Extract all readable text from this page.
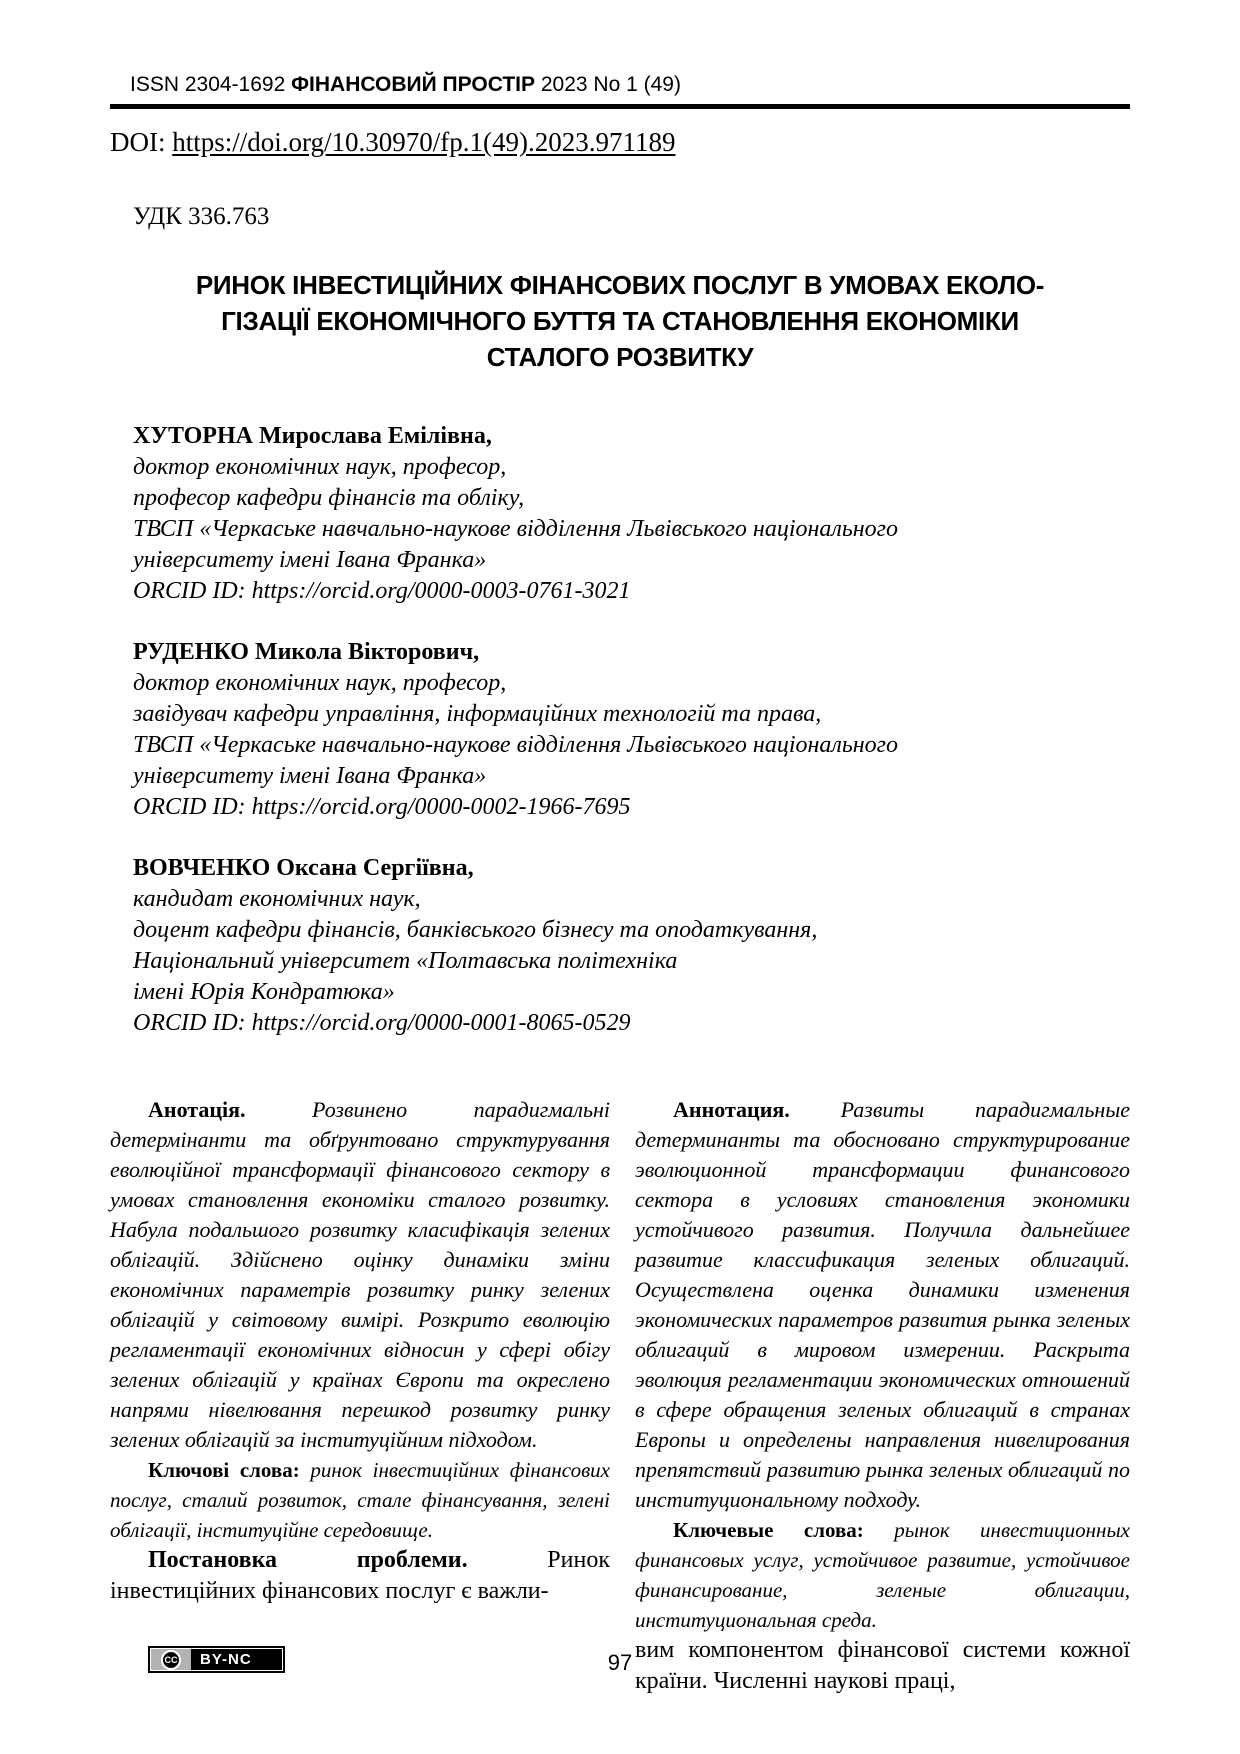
ISSN 2304-1692 ФІНАНСОВИЙ ПРОСТІР 2023 No 1 (49)

DOI: https://doi.org/10.30970/fp.1(49).2023.971189

УДК 336.763

РИНОК ІНВЕСТИЦІЙНИХ ФІНАНСОВИХ ПОСЛУГ В УМОВАХ ЕКОЛО-
ГІЗАЦІЇ ЕКОНОМІЧНОГО БУТТЯ ТА СТАНОВЛЕННЯ ЕКОНОМІКИ
СТАЛОГО РОЗВИТКУ

ХУТОРНА Мирослава Емілівна,

доктор економічних наук, професор,

професор кафедри фінансів та обліку,

ТВСП «Черкаське навчально-наукове відділення Львівського національного

університету імені Івана Франка»

ORCID ID: https://orcid.org/0000-0003-0761-3021

РУДЕНКО Микола Вікторович,

доктор економічних наук, професор,

завідувач кафедри управління, інформаційних технологій та права,

ТВСП «Черкаське навчально-наукове відділення Львівського національного

університету імені Івана Франка»

ORCID ID: https://orcid.org/0000-0002-1966-7695

ВОВЧЕНКО Оксана Сергіївна,

кандидат економічних наук,

доцент кафедри фінансів, банківського бізнесу та оподаткування,

Національний університет «Полтавська політехніка

імені Юрія Кондратюка»

ORCID ID: https://orcid.org/0000-0001-8065-0529

Анотація.	Розвинено парадигмальні детермінанти та обґрунтовано структурування еволюційної трансформації фінансового сектору в умовах становлення економіки сталого розвитку. Набула подальшого розвитку класифікація зелених облігацій. Здійснено оцінку динаміки зміни економічних параметрів розвитку ринку зелених облігацій у світовому вимірі. Розкрито еволюцію регламентації економічних відносин у сфері обігу зелених облігацій у країнах Європи та окреслено напрями нівелювання перешкод розвитку ринку зелених облігацій за інституційним підходом.

Ключові слова: ринок інвестиційних фінансових послуг, сталий розвиток, стале фінансування, зелені облігації, інституційне середовище.

Постановка проблеми.	Ринок інвестиційних фінансових послуг є важли-

Аннотация. Развиты парадигмальные детерминанты та обосновано структурирование эволюционной трансформации финансового сектора в условиях становления экономики устойчивого развития. Получила дальнейшее развитие классификация зеленых облигаций. Осуществлена оценка динамики изменения экономических параметров развития рынка зеленых облигаций в мировом измерении. Раскрыта эволюция регламентации экономических отношений в сфере обращения зеленых облигаций в странах Европы и определены направления нивелирования препятствий развитию рынка зеленых облигаций по институциональному подходу.

Ключевые слова: рынок инвестиционных финансовых услуг, устойчивое развитие, устойчивое финансирование, зеленые облигации, институциональная среда.

вим компонентом фінансової системи кожної країни. Численні наукові праці,

CC BY-NC	97
